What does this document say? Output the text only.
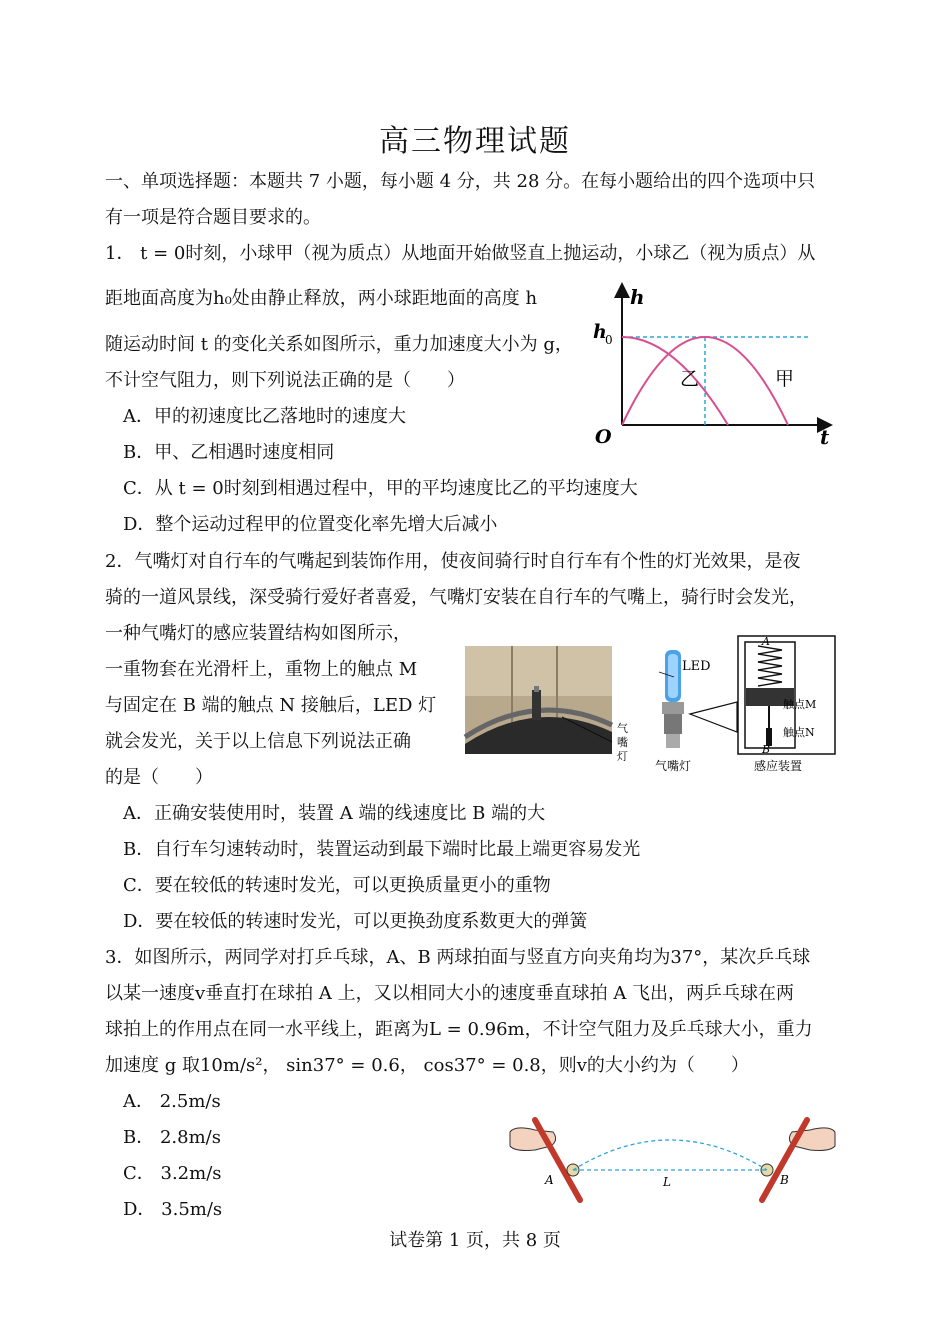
高三物理试题
一、单项选择题：本题共 7 小题，每小题 4 分，共 28 分。在每小题给出的四个选项中只
有一项是符合题目要求的。
1． t = 0时刻，小球甲（视为质点）从地面开始做竖直上抛运动，小球乙（视为质点）从
距地面高度为h₀处由静止释放，两小球距地面的高度 h
随运动时间 t 的变化关系如图所示，重力加速度大小为 g，
不计空气阻力，则下列说法正确的是（　　）
A．甲的初速度比乙落地时的速度大
B．甲、乙相遇时速度相同
C．从 t = 0时刻到相遇过程中，甲的平均速度比乙的平均速度大
D．整个运动过程甲的位置变化率先增大后减小
h
t
O
h
0
乙	甲
2．气嘴灯对自行车的气嘴起到装饰作用，使夜间骑行时自行车有个性的灯光效果，是夜
骑的一道风景线，深受骑行爱好者喜爱，气嘴灯安装在自行车的气嘴上，骑行时会发光，
一种气嘴灯的感应装置结构如图所示，
一重物套在光滑杆上，重物上的触点 M
与固定在 B 端的触点 N 接触后，LED 灯
就会发光，关于以上信息下列说法正确
的是（　　）
A．正确安装使用时，装置 A 端的线速度比 B 端的大
B．自行车匀速转动时，装置运动到最下端时比最上端更容易发光
C．要在较低的转速时发光，可以更换质量更小的重物
D．要在较低的转速时发光，可以更换劲度系数更大的弹簧
气
嘴
灯
LED
气嘴灯
A
B
触点M
触点N
感应装置
3．如图所示，两同学对打乒乓球，A、B 两球拍面与竖直方向夹角均为37°，某次乒乓球
以某一速度v垂直打在球拍 A 上，又以相同大小的速度垂直球拍 A 飞出，两乒乓球在两
球拍上的作用点在同一水平线上，距离为L = 0.96m，不计空气阻力及乒乓球大小，重力
加速度 g 取10m/s²， sin37° = 0.6， cos37° = 0.8，则v的大小约为（　　）
A． 2.5m/s
B． 2.8m/s
C． 3.2m/s
D． 3.5m/s
A	B
L
试卷第 1 页，共 8 页
